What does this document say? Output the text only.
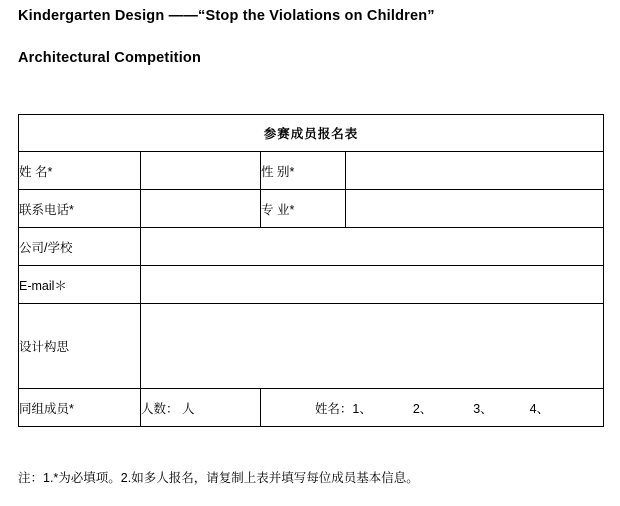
Kindergarten Design ——“Stop the Violations on Children”
Architectural Competition
参赛成员报名表			
姓 名*		性 别*	
联系电话*		专 业*	
公司/学校			
E-mail＊			
设计构思			
同组成员*	人数： 人	姓名：1、 2、 3、 4、	
注：1.*为必填项。2.如多人报名，请复制上表并填写每位成员基本信息。
